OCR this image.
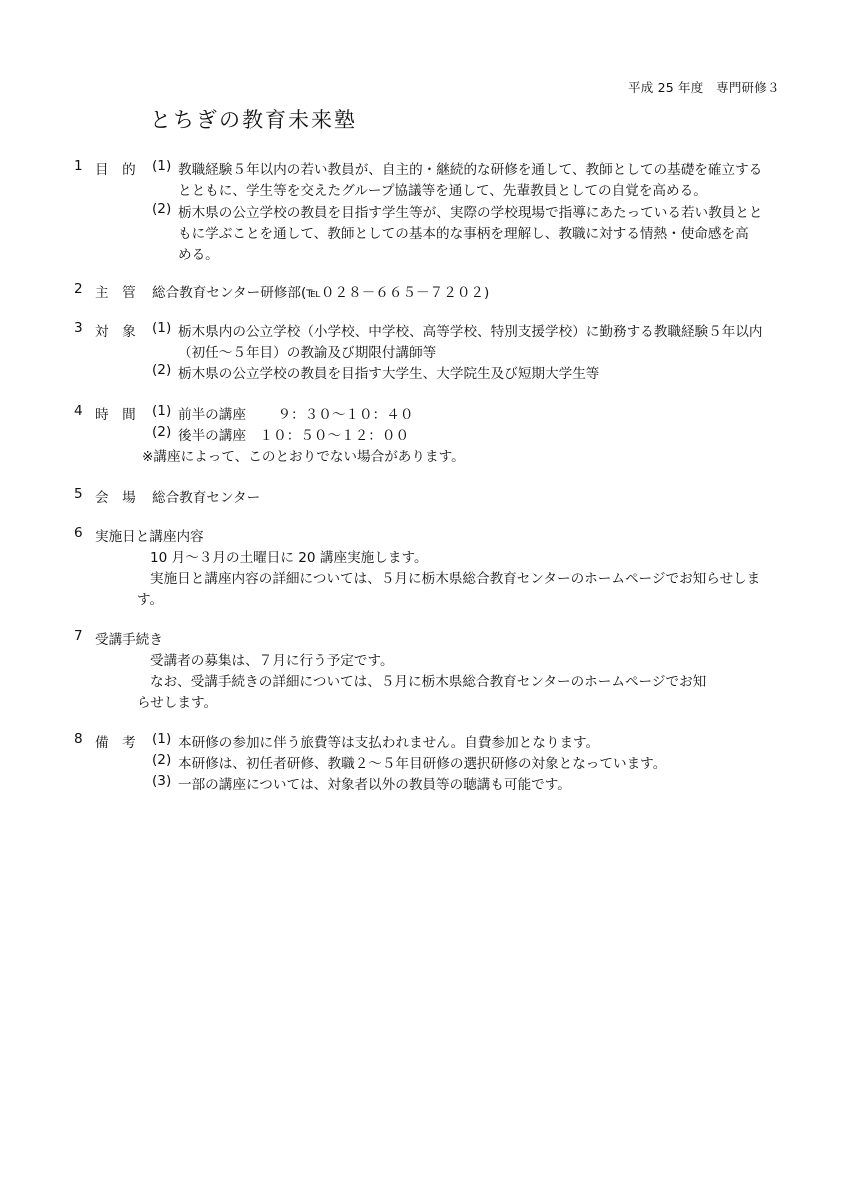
平成 25 年度　専門研修３
とちぎの教育未来塾
1 目　的 (1) 教職経験５年以内の若い教員が、自主的・継続的な研修を通して、教師としての基礎を確立する
とともに、学生等を交えたグループ協議等を通して、先輩教員としての自覚を高める。
(2) 栃木県の公立学校の教員を目指す学生等が、実際の学校現場で指導にあたっている若い教員とと
もに学ぶことを通して、教師としての基本的な事柄を理解し、教職に対する情熱・使命感を高
める。
2 主　管 総合教育センター研修部(℡０２８－６６５－７２０２)
3 対　象 (1) 栃木県内の公立学校（小学校、中学校、高等学校、特別支援学校）に勤務する教職経験５年以内
（初任～５年目）の教諭及び期限付講師等
(2) 栃木県の公立学校の教員を目指す大学生、大学院生及び短期大学生等
4 時　間 (1) 前半の講座　　 ９：３０～１０：４０
(2) 後半の講座　１０：５０～１２：００
※講座によって、このとおりでない場合があります。
5 会　場 総合教育センター
6 実施日と講座内容
10 月～３月の土曜日に 20 講座実施します。
実施日と講座内容の詳細については、５月に栃木県総合教育センターのホームページでお知らせしま
す。
7 受講手続き
受講者の募集は、７月に行う予定です。
なお、受講手続きの詳細については、５月に栃木県総合教育センターのホームページでお知
らせします。
8 備　考 (1) 本研修の参加に伴う旅費等は支払われません。自費参加となります。
(2) 本研修は、初任者研修、教職２～５年目研修の選択研修の対象となっています。
(3) 一部の講座については、対象者以外の教員等の聴講も可能です。
